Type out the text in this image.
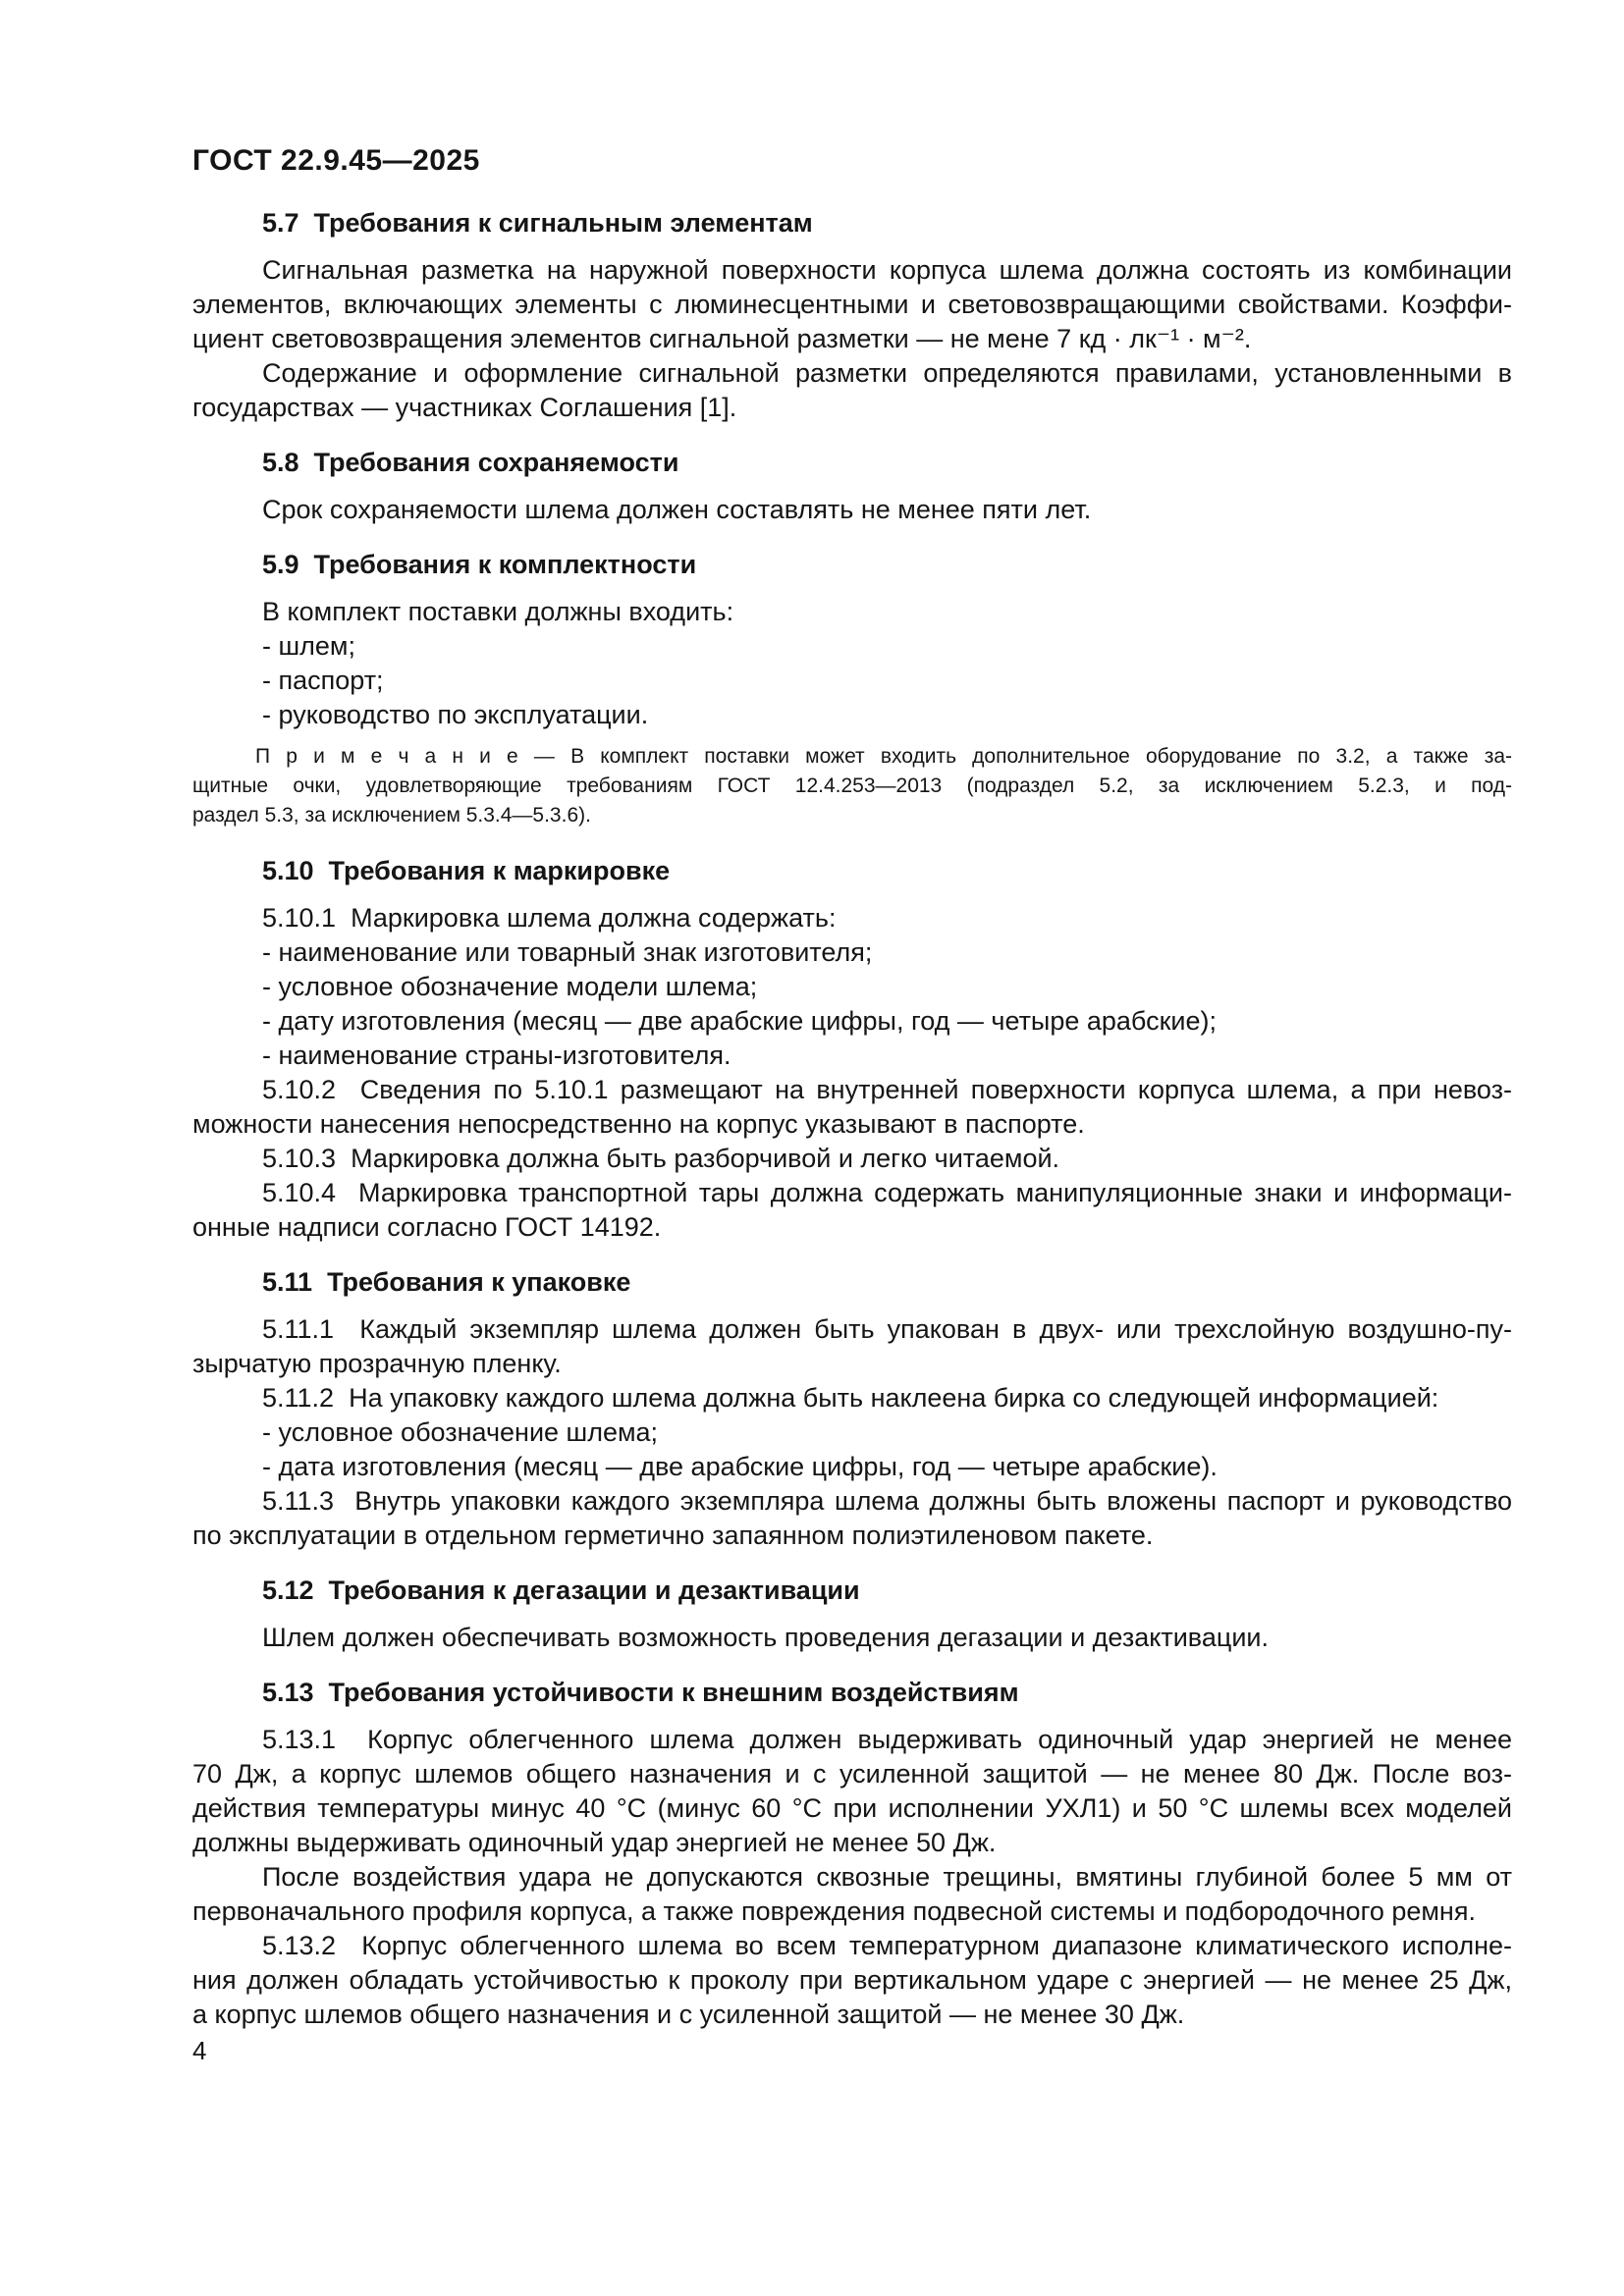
ГОСТ 22.9.45—2025
5.7  Требования к сигнальным элементам
Сигнальная разметка на наружной поверхности корпуса шлема должна состоять из комбинации
элементов, включающих элементы с люминесцентными и световозвращающими свойствами. Коэффи-
циент световозвращения элементов сигнальной разметки — не мене 7 кд · лк⁻¹ · м⁻².
Содержание и оформление сигнальной разметки определяются правилами, установленными в
государствах — участниках Соглашения [1].
5.8  Требования сохраняемости
Срок сохраняемости шлема должен составлять не менее пяти лет.
5.9  Требования к комплектности
В комплект поставки должны входить:
- шлем;
- паспорт;
- руководство по эксплуатации.
П р и м е ч а н и е — В комплект поставки может входить дополнительное оборудование по 3.2, а также за-
щитные очки, удовлетворяющие требованиям ГОСТ 12.4.253—2013 (подраздел 5.2, за исключением 5.2.3, и под-
раздел 5.3, за исключением 5.3.4—5.3.6).
5.10  Требования к маркировке
5.10.1  Маркировка шлема должна содержать:
- наименование или товарный знак изготовителя;
- условное обозначение модели шлема;
- дату изготовления (месяц — две арабские цифры, год — четыре арабские);
- наименование страны-изготовителя.
5.10.2  Сведения по 5.10.1 размещают на внутренней поверхности корпуса шлема, а при невоз-
можности нанесения непосредственно на корпус указывают в паспорте.
5.10.3  Маркировка должна быть разборчивой и легко читаемой.
5.10.4  Маркировка транспортной тары должна содержать манипуляционные знаки и информаци-
онные надписи согласно ГОСТ 14192.
5.11  Требования к упаковке
5.11.1  Каждый экземпляр шлема должен быть упакован в двух- или трехслойную воздушно-пу-
зырчатую прозрачную пленку.
5.11.2  На упаковку каждого шлема должна быть наклеена бирка со следующей информацией:
- условное обозначение шлема;
- дата изготовления (месяц — две арабские цифры, год — четыре арабские).
5.11.3  Внутрь упаковки каждого экземпляра шлема должны быть вложены паспорт и руководство
по эксплуатации в отдельном герметично запаянном полиэтиленовом пакете.
5.12  Требования к дегазации и дезактивации
Шлем должен обеспечивать возможность проведения дегазации и дезактивации.
5.13  Требования устойчивости к внешним воздействиям
5.13.1  Корпус облегченного шлема должен выдерживать одиночный удар энергией не менее
70 Дж, а корпус шлемов общего назначения и с усиленной защитой — не менее 80 Дж. После воз-
действия температуры минус 40 °С (минус 60 °С при исполнении УХЛ1) и 50 °С шлемы всех моделей
должны выдерживать одиночный удар энергией не менее 50 Дж.
После воздействия удара не допускаются сквозные трещины, вмятины глубиной более 5 мм от
первоначального профиля корпуса, а также повреждения подвесной системы и подбородочного ремня.
5.13.2  Корпус облегченного шлема во всем температурном диапазоне климатического исполне-
ния должен обладать устойчивостью к проколу при вертикальном ударе с энергией — не менее 25 Дж,
а корпус шлемов общего назначения и с усиленной защитой — не менее 30 Дж.
4
